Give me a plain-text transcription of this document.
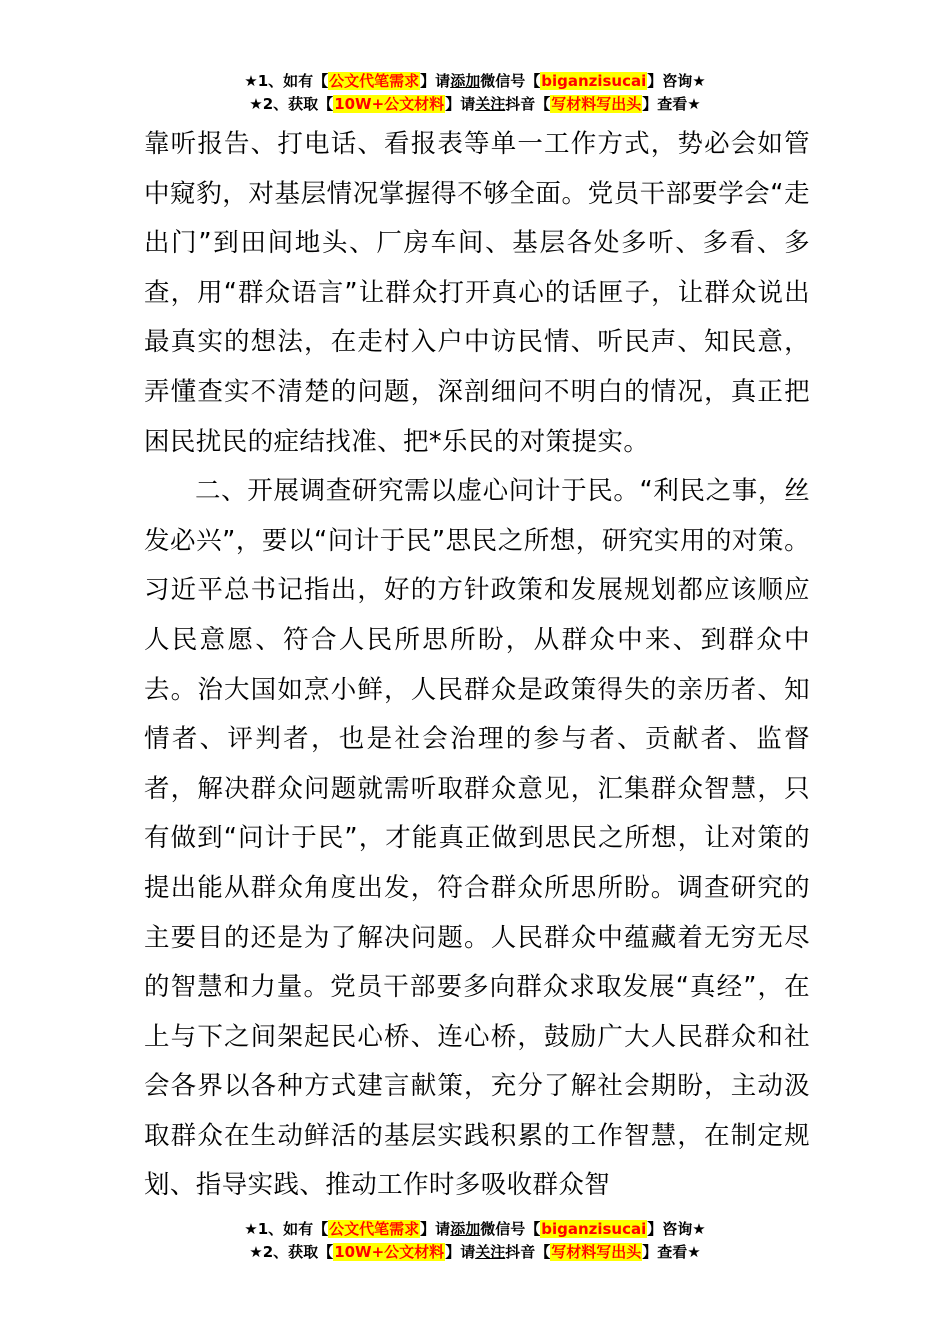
★1、如有【公文代笔需求】请添加微信号【biganzisucai】咨询★
★2、获取【10W+公文材料】请关注抖音【写材料写出头】查看★

靠听报告、打电话、看报表等单一工作方式，势必会如管中窥豹，对基层情况掌握得不够全面。党员干部要学会“走出门”到田间地头、厂房车间、基层各处多听、多看、多查，用“群众语言”让群众打开真心的话匣子，让群众说出最真实的想法，在走村入户中访民情、听民声、知民意，弄懂查实不清楚的问题，深剖细问不明白的情况，真正把困民扰民的症结找准、把*乐民的对策提实。

二、开展调查研究需以虚心问计于民。“利民之事，丝发必兴”，要以“问计于民”思民之所想，研究实用的对策。习近平总书记指出，好的方针政策和发展规划都应该顺应人民意愿、符合人民所思所盼，从群众中来、到群众中去。治大国如烹小鲜，人民群众是政策得失的亲历者、知情者、评判者，也是社会治理的参与者、贡献者、监督者，解决群众问题就需听取群众意见，汇集群众智慧，只有做到“问计于民”，才能真正做到思民之所想，让对策的提出能从群众角度出发，符合群众所思所盼。调查研究的主要目的还是为了解决问题。人民群众中蕴藏着无穷无尽的智慧和力量。党员干部要多向群众求取发展“真经”，在上与下之间架起民心桥、连心桥，鼓励广大人民群众和社会各界以各种方式建言献策，充分了解社会期盼，主动汲取群众在生动鲜活的基层实践积累的工作智慧，在制定规划、指导实践、推动工作时多吸收群众智

★1、如有【公文代笔需求】请添加微信号【biganzisucai】咨询★
★2、获取【10W+公文材料】请关注抖音【写材料写出头】查看★
